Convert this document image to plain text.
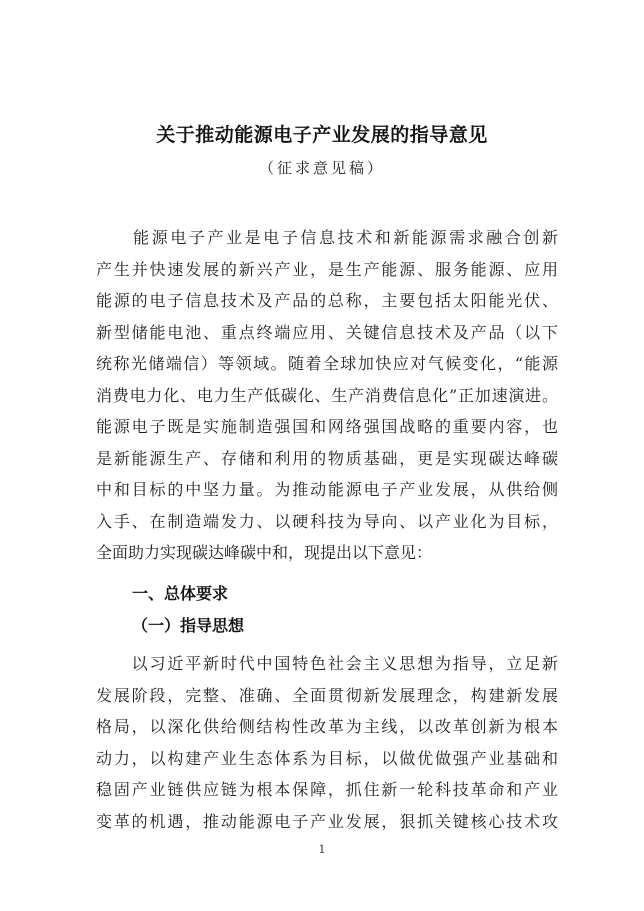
关于推动能源电子产业发展的指导意见
（征求意见稿）
　　能源电子产业是电子信息技术和新能源需求融合创新
产生并快速发展的新兴产业，是生产能源、服务能源、应用
能源的电子信息技术及产品的总称，主要包括太阳能光伏、
新型储能电池、重点终端应用、关键信息技术及产品（以下
统称光储端信）等领域。随着全球加快应对气候变化，“能源
消费电力化、电力生产低碳化、生产消费信息化”正加速演进。
能源电子既是实施制造强国和网络强国战略的重要内容，也
是新能源生产、存储和利用的物质基础，更是实现碳达峰碳
中和目标的中坚力量。为推动能源电子产业发展，从供给侧
入手、在制造端发力、以硬科技为导向、以产业化为目标，
全面助力实现碳达峰碳中和，现提出以下意见：
一、总体要求
（一）指导思想
　　以习近平新时代中国特色社会主义思想为指导，立足新
发展阶段，完整、准确、全面贯彻新发展理念，构建新发展
格局，以深化供给侧结构性改革为主线，以改革创新为根本
动力，以构建产业生态体系为目标，以做优做强产业基础和
稳固产业链供应链为根本保障，抓住新一轮科技革命和产业
变革的机遇，推动能源电子产业发展，狠抓关键核心技术攻
1
